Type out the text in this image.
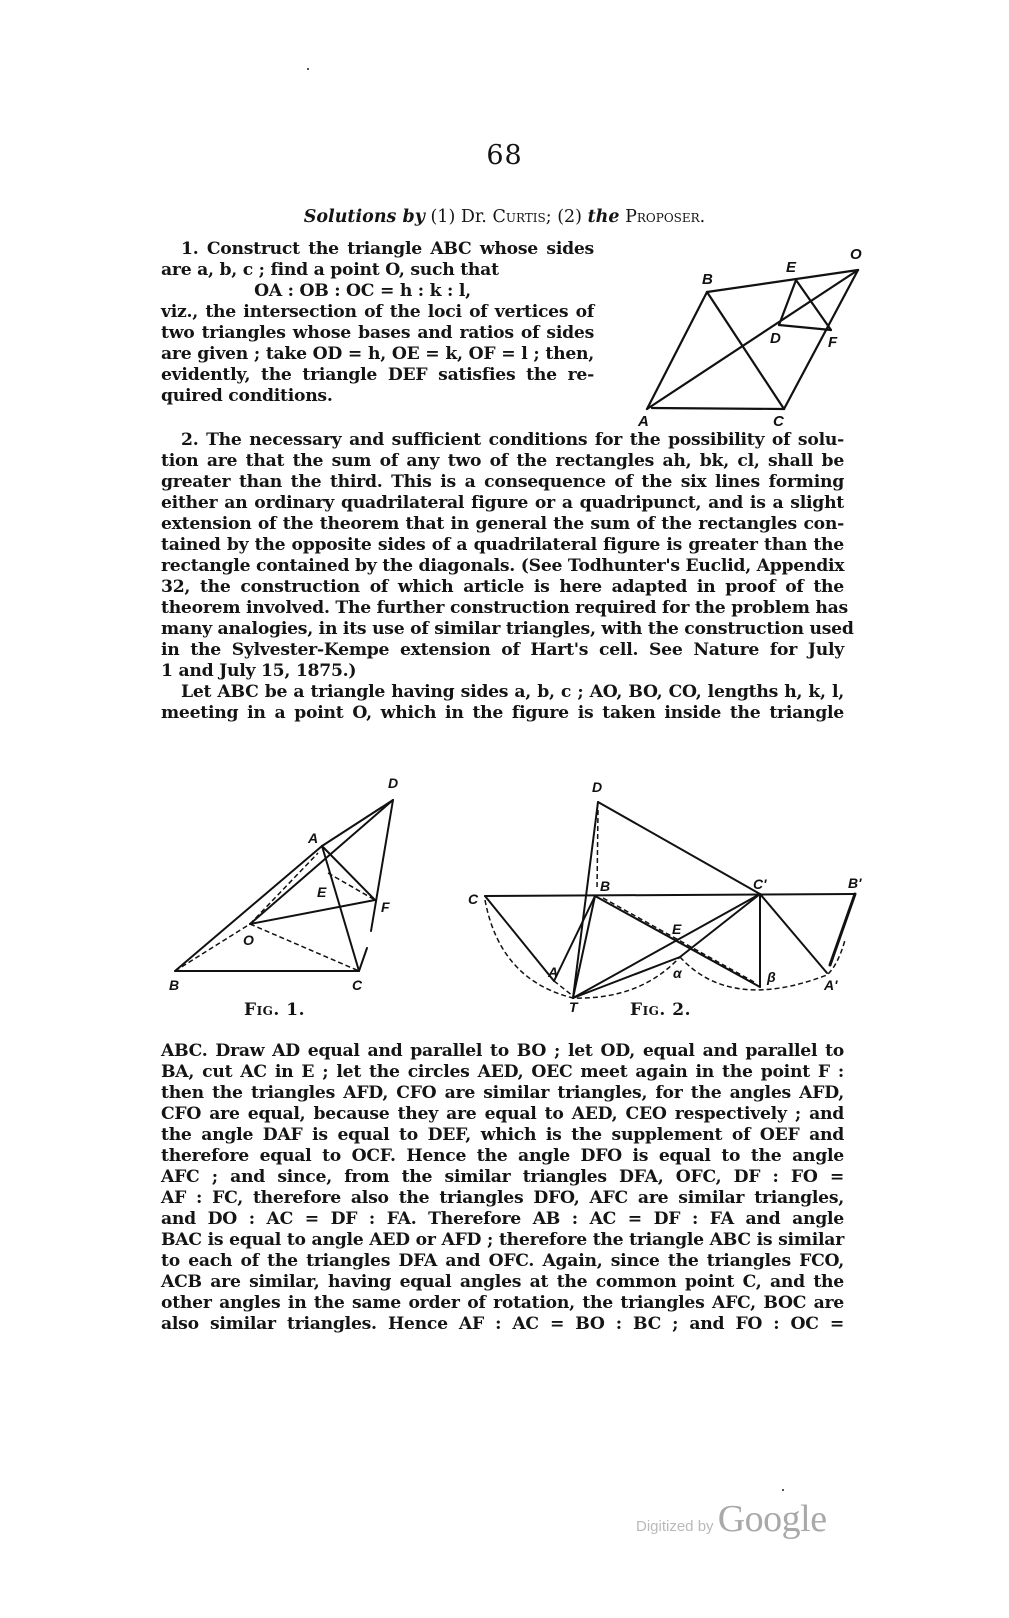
68
Solutions by (1) Dr. Curtis; (2) the Proposer.
1. Construct the triangle ABC whose sides
are a, b, c ; find a point O, such that
OA : OB : OC = h : k : l,
viz., the intersection of the loci of vertices of
two triangles whose bases and ratios of sides
are given ; take OD = h, OE = k, OF = l ; then,
evidently, the triangle DEF satisfies the re-
quired conditions.
A
B
C
D
E
F
O
2. The necessary and sufficient conditions for the possibility of solu-
tion are that the sum of any two of the rectangles ah, bk, cl, shall be
greater than the third. This is a consequence of the six lines forming
either an ordinary quadrilateral figure or a quadripunct, and is a slight
extension of the theorem that in general the sum of the rectangles con-
tained by the opposite sides of a quadrilateral figure is greater than the
rectangle contained by the diagonals. (See Todhunter's Euclid, Appendix
32, the construction of which article is here adapted in proof of the
theorem involved. The further construction required for the problem has
many analogies, in its use of similar triangles, with the construction used
in the Sylvester-Kempe extension of Hart's cell. See Nature for July
1 and July 15, 1875.)
Let ABC be a triangle having sides a, b, c ; AO, BO, CO, lengths h, k, l,
meeting in a point O, which in the figure is taken inside the triangle
D
A
E
F
O
B	C
D
C
B	C'	B'
E
A	α	β	A'
T
Fig. 1.	Fig. 2.
ABC. Draw AD equal and parallel to BO ; let OD, equal and parallel to
BA, cut AC in E ; let the circles AED, OEC meet again in the point F :
then the triangles AFD, CFO are similar triangles, for the angles AFD,
CFO are equal, because they are equal to AED, CEO respectively ; and
the angle DAF is equal to DEF, which is the supplement of OEF and
therefore equal to OCF. Hence the angle DFO is equal to the angle
AFC ; and since, from the similar triangles DFA, OFC, DF : FO =
AF : FC, therefore also the triangles DFO, AFC are similar triangles,
and DO : AC = DF : FA. Therefore AB : AC = DF : FA and angle
BAC is equal to angle AED or AFD ; therefore the triangle ABC is similar
to each of the triangles DFA and OFC. Again, since the triangles FCO,
ACB are similar, having equal angles at the common point C, and the
other angles in the same order of rotation, the triangles AFC, BOC are
also similar triangles. Hence AF : AC = BO : BC ; and FO : OC =
Digitized by Google
